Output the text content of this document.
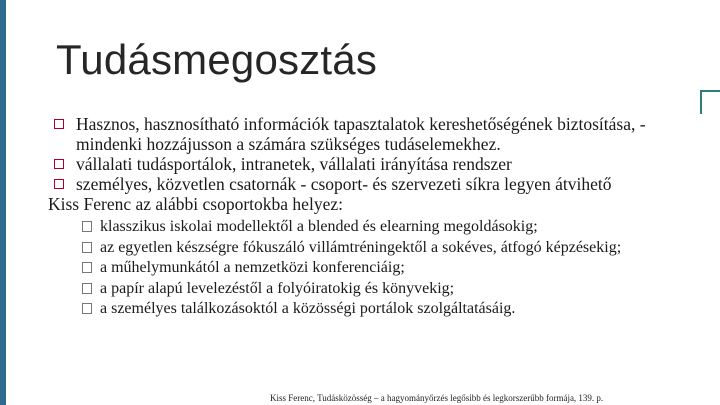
Tudásmegosztás
Hasznos, hasznosítható információk tapasztalatok kereshetőségének biztosítása, - mindenki hozzájusson a számára szükséges tudáselemekhez.
vállalati tudásportálok, intranetek, vállalati irányítása rendszer
személyes, közvetlen csatornák - csoport- és szervezeti síkra legyen átvihető
Kiss Ferenc az alábbi csoportokba helyez:
klasszikus iskolai modellektől a blended és elearning megoldásokig;
az egyetlen készségre fókuszáló villámtréningektől a sokéves, átfogó képzésekig;
a műhelymunkától a nemzetközi konferenciáig;
a papír alapú levelezéstől a folyóiratokig és könyvekig;
a személyes találkozásoktól a közösségi portálok szolgáltatásáig.
Kiss Ferenc, Tudásközösség – a hagyományőrzés legősibb és legkorszerűbb formája, 139. p.
